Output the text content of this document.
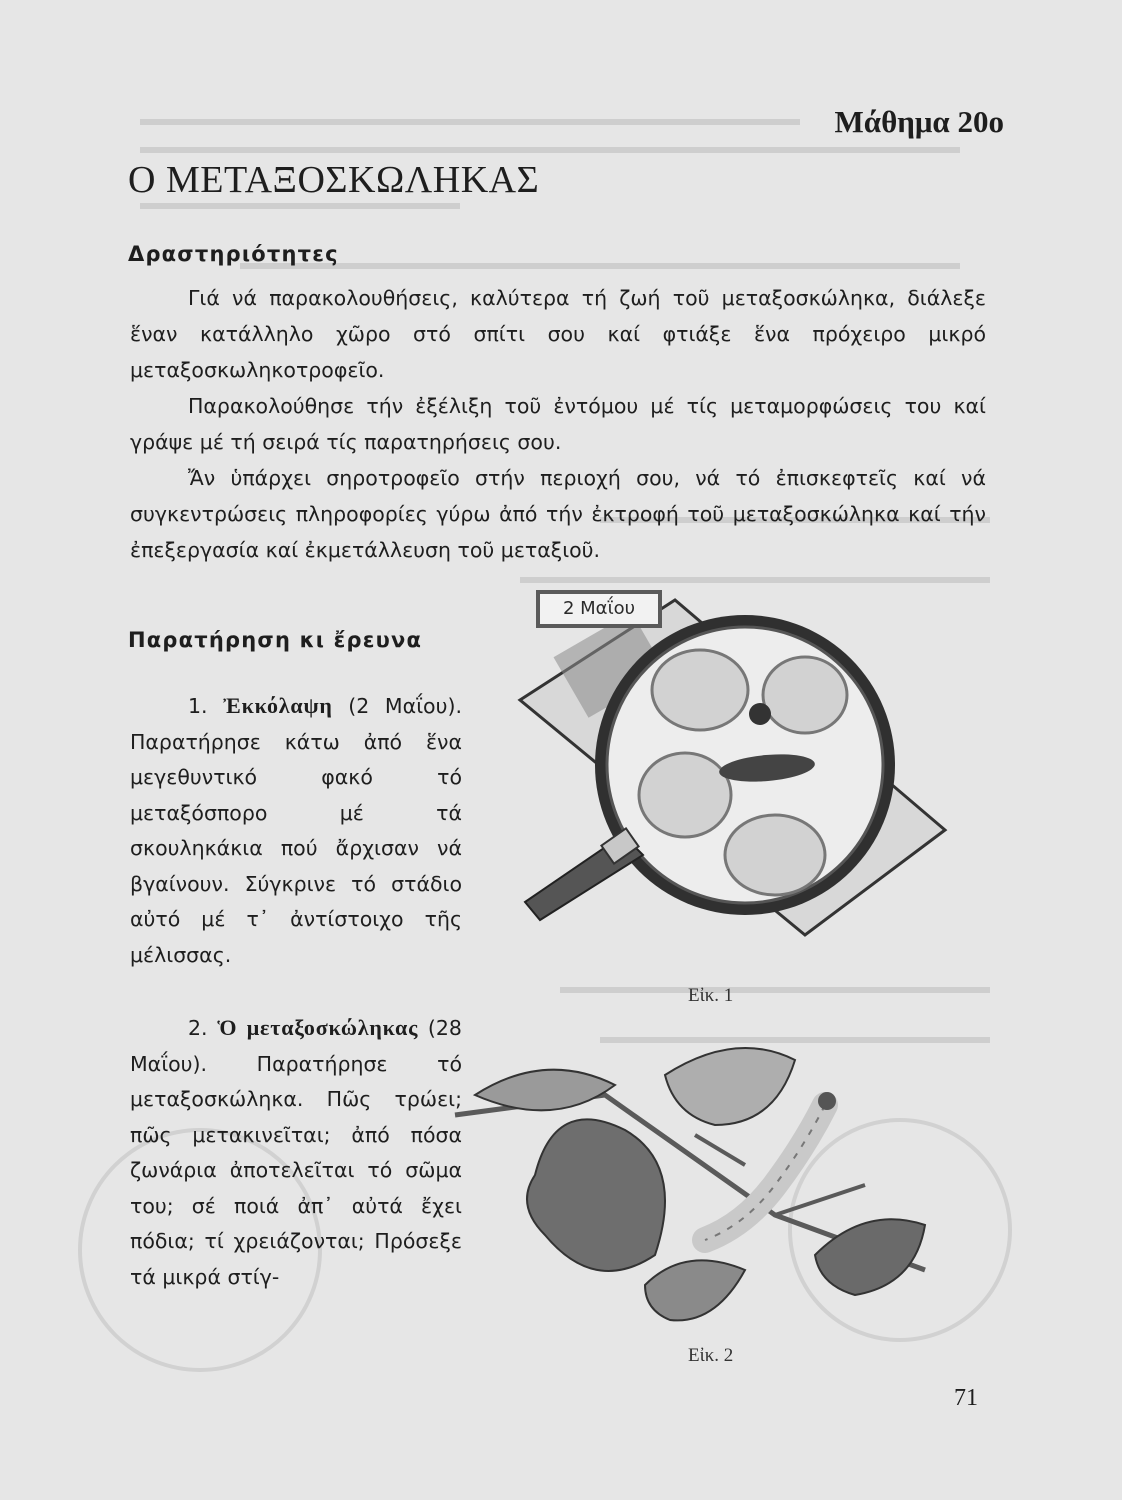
Μάθημα 20ο
Ο ΜΕΤΑΞΟΣΚΩΛΗΚΑΣ
Δραστηριότητες

Γιά νά παρακολουθήσεις, καλύτερα τή ζωή τοῦ μεταξοσκώληκα, διάλεξε ἕναν κατάλληλο χῶρο στό σπίτι σου καί φτιάξε ἕνα πρόχειρο μικρό μεταξοσκωληκοτροφεῖο.

Παρακολούθησε τήν ἐξέλιξη τοῦ ἐντόμου μέ τίς μεταμορφώσεις του καί γράψε μέ τή σειρά τίς παρατηρήσεις σου.

Ἄν ὑπάρχει σηροτροφεῖο στήν περιοχή σου, νά τό ἐπισκεφτεῖς καί νά συγκεντρώσεις πληροφορίες γύρω ἀπό τήν ἐκτροφή τοῦ μεταξοσκώληκα καί τήν ἐπεξεργασία καί ἐκμετάλλευση τοῦ μεταξιοῦ.

Παρατήρηση κι ἔρευνα

1. Ἐκκόλαψη (2 Μαΐου). Παρατήρησε κάτω ἀπό ἕνα μεγεθυντικό φακό τό μεταξόσπορο μέ τά σκουληκάκια πού ἄρχισαν νά βγαίνουν. Σύγκρινε τό στάδιο αὐτό μέ τ᾽ ἀντίστοιχο τῆς μέλισσας.

2. Ὁ μεταξοσκώληκας (28 Μαΐου). Παρατήρησε τό μεταξοσκώληκα. Πῶς τρώει; πῶς μετακινεῖται; ἀπό πόσα ζωνάρια ἀποτελεῖται τό σῶμα του; σέ ποιά ἀπ᾽ αὐτά ἔχει πόδια; τί χρειάζονται; Πρόσεξε τά μικρά στίγ-

2 Μαΐου
Εἰκ. 1
Εἰκ. 2
71
